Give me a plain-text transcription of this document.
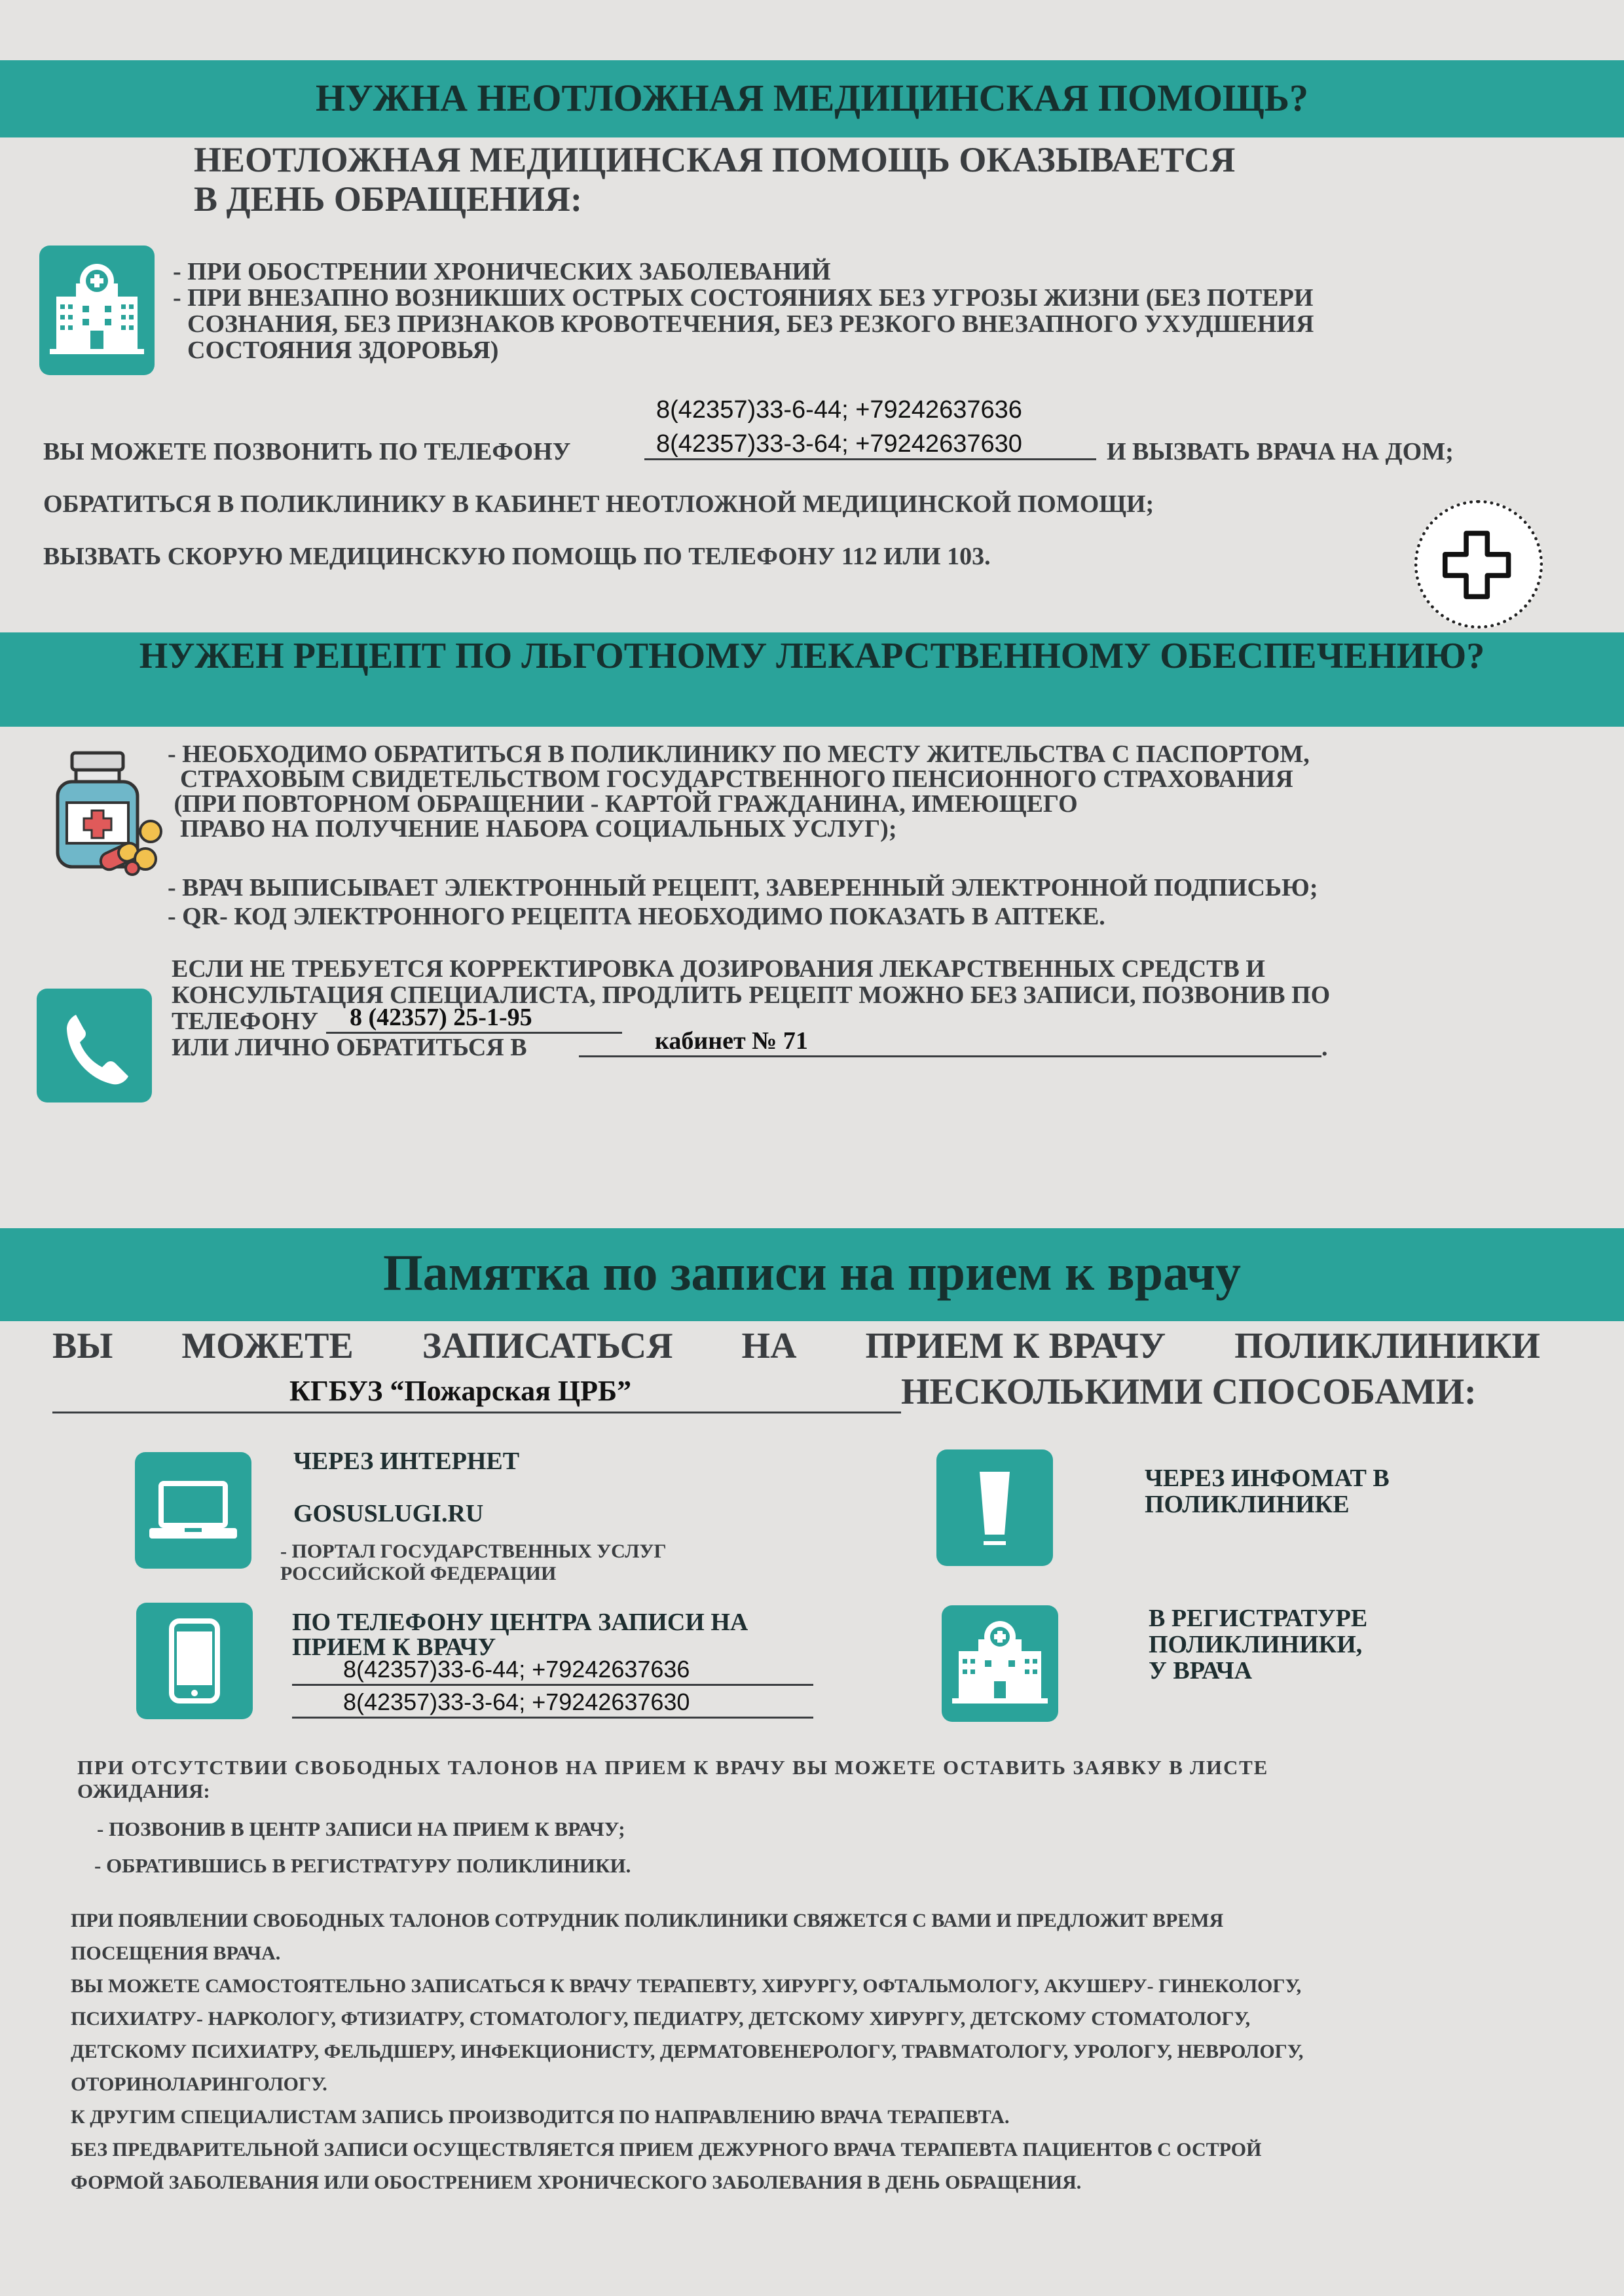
НУЖНА НЕОТЛОЖНАЯ МЕДИЦИНСКАЯ ПОМОЩЬ?
НЕОТЛОЖНАЯ МЕДИЦИНСКАЯ ПОМОЩЬ ОКАЗЫВАЕТСЯ
В ДЕНЬ ОБРАЩЕНИЯ:
- ПРИ ОБОСТРЕНИИ ХРОНИЧЕСКИХ ЗАБОЛЕВАНИЙ
- ПРИ ВНЕЗАПНО ВОЗНИКШИХ ОСТРЫХ СОСТОЯНИЯХ БЕЗ УГРОЗЫ ЖИЗНИ (БЕЗ ПОТЕРИ
СОЗНАНИЯ, БЕЗ ПРИЗНАКОВ КРОВОТЕЧЕНИЯ, БЕЗ РЕЗКОГО ВНЕЗАПНОГО УХУДШЕНИЯ
СОСТОЯНИЯ ЗДОРОВЬЯ)
8(42357)33-6-44; +79242637636
ВЫ МОЖЕТЕ ПОЗВОНИТЬ ПО ТЕЛЕФОНУ	8(42357)33-3-64; +79242637630	И ВЫЗВАТЬ ВРАЧА НА ДОМ;
ОБРАТИТЬСЯ В ПОЛИКЛИНИКУ В КАБИНЕТ НЕОТЛОЖНОЙ МЕДИЦИНСКОЙ ПОМОЩИ;
ВЫЗВАТЬ СКОРУЮ МЕДИЦИНСКУЮ ПОМОЩЬ ПО ТЕЛЕФОНУ 112 ИЛИ 103.
НУЖЕН РЕЦЕПТ ПО ЛЬГОТНОМУ ЛЕКАРСТВЕННОМУ ОБЕСПЕЧЕНИЮ?
- НЕОБХОДИМО ОБРАТИТЬСЯ В ПОЛИКЛИНИКУ ПО МЕСТУ ЖИТЕЛЬСТВА С ПАСПОРТОМ,
СТРАХОВЫМ СВИДЕТЕЛЬСТВОМ ГОСУДАРСТВЕННОГО ПЕНСИОННОГО СТРАХОВАНИЯ
(ПРИ ПОВТОРНОМ ОБРАЩЕНИИ - КАРТОЙ ГРАЖДАНИНА, ИМЕЮЩЕГО
ПРАВО НА ПОЛУЧЕНИЕ НАБОРА СОЦИАЛЬНЫХ УСЛУГ);
- ВРАЧ ВЫПИСЫВАЕТ ЭЛЕКТРОННЫЙ РЕЦЕПТ, ЗАВЕРЕННЫЙ ЭЛЕКТРОННОЙ ПОДПИСЬЮ;
- QR- КОД ЭЛЕКТРОННОГО РЕЦЕПТА НЕОБХОДИМО ПОКАЗАТЬ В АПТЕКЕ.
ЕСЛИ НЕ ТРЕБУЕТСЯ КОРРЕКТИРОВКА ДОЗИРОВАНИЯ ЛЕКАРСТВЕННЫХ СРЕДСТВ И
КОНСУЛЬТАЦИЯ СПЕЦИАЛИСТА, ПРОДЛИТЬ РЕЦЕПТ МОЖНО БЕЗ ЗАПИСИ, ПОЗВОНИВ ПО
ТЕЛЕФОНУ	8 (42357) 25-1-95
ИЛИ ЛИЧНО ОБРАТИТЬСЯ В	кабинет № 71	.
Памятка по записи на прием к врачу
ВЫ МОЖЕТЕ ЗАПИСАТЬСЯ НА ПРИЕМ К ВРАЧУ ПОЛИКЛИНИКИ
КГБУЗ “Пожарская ЦРБ”	НЕСКОЛЬКИМИ СПОСОБАМИ:
ЧЕРЕЗ ИНТЕРНЕТ
GOSUSLUGI.RU
- ПОРТАЛ ГОСУДАРСТВЕННЫХ УСЛУГ
РОССИЙСКОЙ ФЕДЕРАЦИИ
ЧЕРЕЗ ИНФОМАТ В
ПОЛИКЛИНИКЕ
ПО ТЕЛЕФОНУ ЦЕНТРА ЗАПИСИ НА
ПРИЕМ К ВРАЧУ
8(42357)33-6-44; +79242637636
8(42357)33-3-64; +79242637630
В РЕГИСТРАТУРЕ
ПОЛИКЛИНИКИ,
У ВРАЧА
ПРИ ОТСУТСТВИИ СВОБОДНЫХ ТАЛОНОВ НА ПРИЕМ К ВРАЧУ ВЫ МОЖЕТЕ ОСТАВИТЬ ЗАЯВКУ В ЛИСТЕ
ОЖИДАНИЯ:
- ПОЗВОНИВ В ЦЕНТР ЗАПИСИ НА ПРИЕМ К ВРАЧУ;
- ОБРАТИВШИСЬ В РЕГИСТРАТУРУ ПОЛИКЛИНИКИ.
ПРИ ПОЯВЛЕНИИ СВОБОДНЫХ ТАЛОНОВ СОТРУДНИК ПОЛИКЛИНИКИ СВЯЖЕТСЯ С ВАМИ И ПРЕДЛОЖИТ ВРЕМЯ
ПОСЕЩЕНИЯ ВРАЧА.
ВЫ МОЖЕТЕ САМОСТОЯТЕЛЬНО ЗАПИСАТЬСЯ К ВРАЧУ ТЕРАПЕВТУ, ХИРУРГУ, ОФТАЛЬМОЛОГУ, АКУШЕРУ- ГИНЕКОЛОГУ,
ПСИХИАТРУ- НАРКОЛОГУ, ФТИЗИАТРУ, СТОМАТОЛОГУ, ПЕДИАТРУ, ДЕТСКОМУ ХИРУРГУ, ДЕТСКОМУ СТОМАТОЛОГУ,
ДЕТСКОМУ ПСИХИАТРУ, ФЕЛЬДШЕРУ, ИНФЕКЦИОНИСТУ, ДЕРМАТОВЕНЕРОЛОГУ, ТРАВМАТОЛОГУ, УРОЛОГУ, НЕВРОЛОГУ,
ОТОРИНОЛАРИНГОЛОГУ.
К ДРУГИМ СПЕЦИАЛИСТАМ ЗАПИСЬ ПРОИЗВОДИТСЯ ПО НАПРАВЛЕНИЮ ВРАЧА ТЕРАПЕВТА.
БЕЗ ПРЕДВАРИТЕЛЬНОЙ ЗАПИСИ ОСУЩЕСТВЛЯЕТСЯ ПРИЕМ ДЕЖУРНОГО ВРАЧА ТЕРАПЕВТА ПАЦИЕНТОВ С ОСТРОЙ
ФОРМОЙ ЗАБОЛЕВАНИЯ ИЛИ ОБОСТРЕНИЕМ ХРОНИЧЕСКОГО ЗАБОЛЕВАНИЯ В ДЕНЬ ОБРАЩЕНИЯ.
